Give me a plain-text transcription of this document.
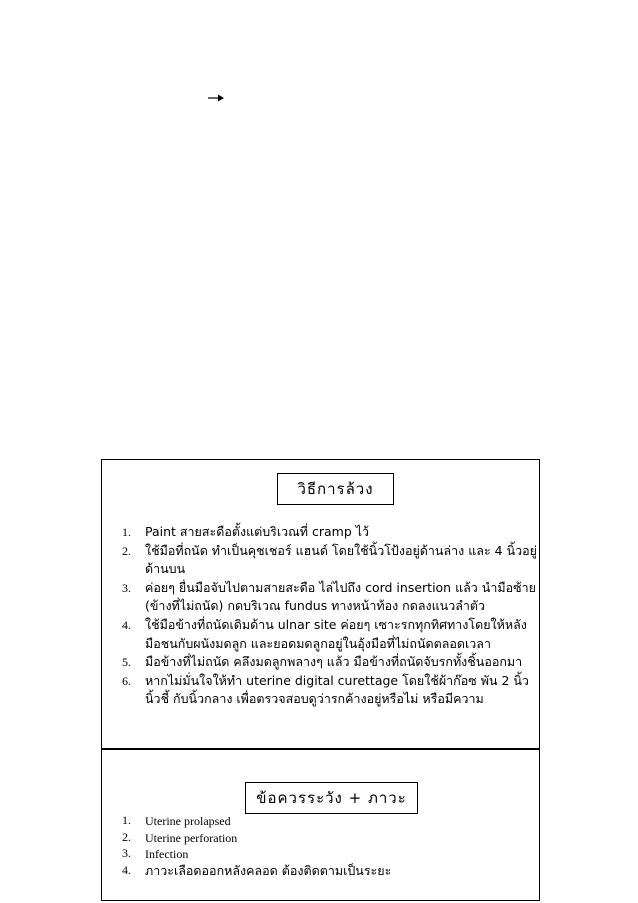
วิธีการล้วง
1. Paint สายสะดือตั้งแต่บริเวณที่ cramp ไว้
2. ใช้มือที่ถนัด ทำเป็นคุชเชอร์ แฮนด์ โดยใช้นิ้วโป้งอยู่ด้านล่าง และ 4 นิ้วอยู่ด้านบน
3. ค่อยๆ ยื่นมือจับไปตามสายสะดือ ไล่ไปถึง cord insertion แล้ว นำมือซ้าย (ข้างที่ไม่ถนัด) กดบริเวณ fundus ทางหน้าท้อง กดลงแนวลำตัว
4. ใช้มือข้างที่ถนัดเดิมด้าน ulnar site ค่อยๆ เซาะรกทุกทิศทางโดยให้หลังมือชนกับผนังมดลูก และยอดมดลูกอยู่ในอุ้งมือที่ไม่ถนัดตลอดเวลา
5. มือข้างที่ไม่ถนัด คลึงมดลูกพลางๆ แล้ว มือข้างที่ถนัดจับรกทั้งชิ้นออกมา
6. หากไม่มั่นใจให้ทำ uterine digital curettage โดยใช้ผ้าก๊อซ พัน 2 นิ้ว นิ้วชี้ กับนิ้วกลาง เพื่อตรวจสอบดูว่ารกค้างอยู่หรือไม่ หรือมีความ
ข้อควรระวัง + ภาวะ
1. Uterine prolapsed
2. Uterine perforation
3. Infection
4. ภาวะเลือดออกหลังคลอด ต้องติดตามเป็นระยะ
